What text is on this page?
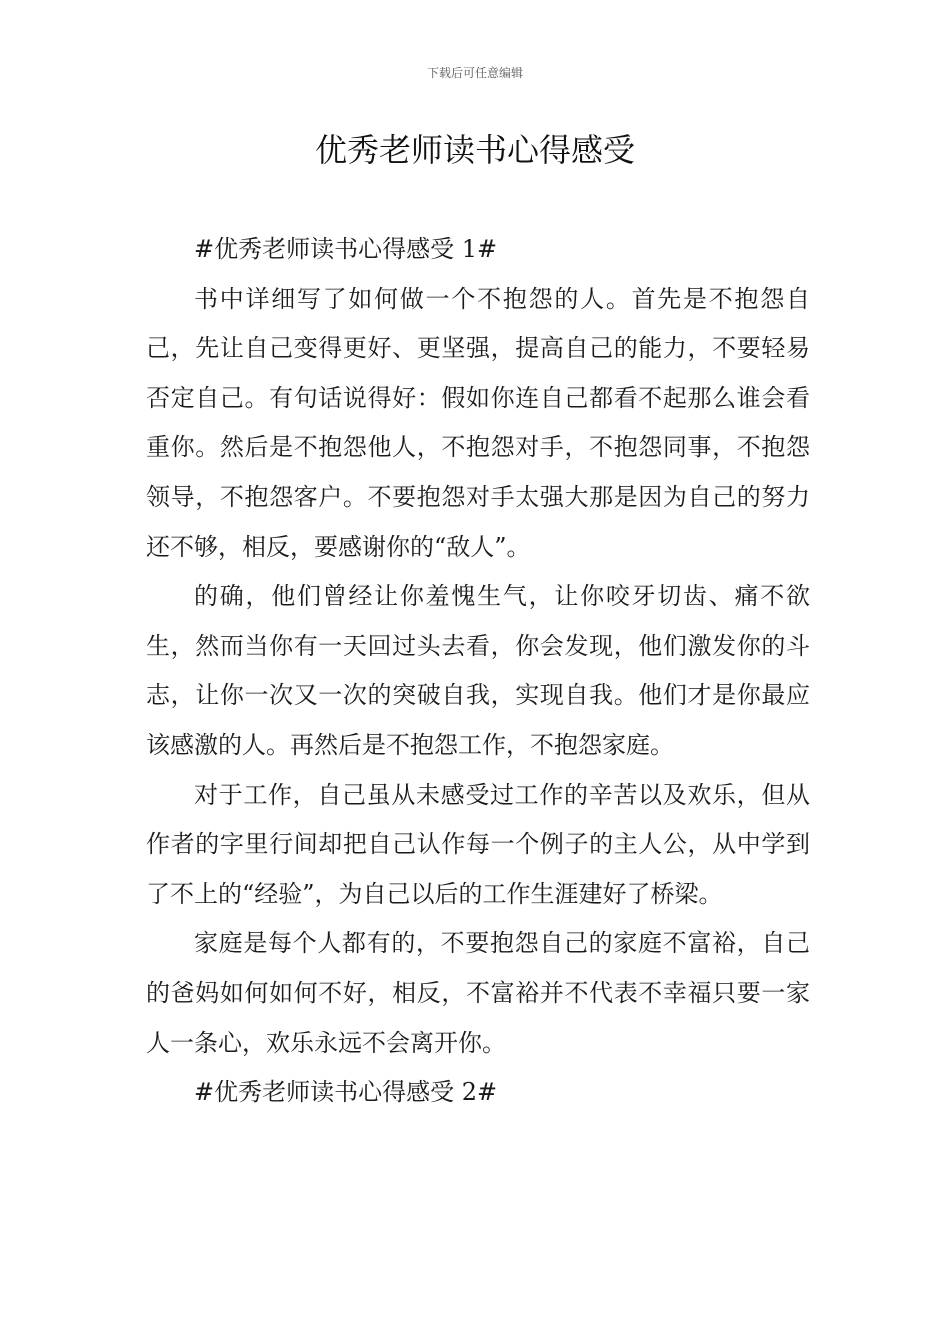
下载后可任意编辑
优秀老师读书心得感受

#优秀老师读书心得感受 1#

书中详细写了如何做一个不抱怨的人。首先是不抱怨自己，先让自己变得更好、更坚强，提高自己的能力，不要轻易否定自己。有句话说得好：假如你连自己都看不起那么谁会看重你。然后是不抱怨他人，不抱怨对手，不抱怨同事，不抱怨领导，不抱怨客户。不要抱怨对手太强大那是因为自己的努力还不够，相反，要感谢你的“敌人”。

的确，他们曾经让你羞愧生气，让你咬牙切齿、痛不欲生，然而当你有一天回过头去看，你会发现，他们激发你的斗志，让你一次又一次的突破自我，实现自我。他们才是你最应该感激的人。再然后是不抱怨工作，不抱怨家庭。

对于工作，自己虽从未感受过工作的辛苦以及欢乐，但从作者的字里行间却把自己认作每一个例子的主人公，从中学到了不上的“经验”，为自己以后的工作生涯建好了桥梁。

家庭是每个人都有的，不要抱怨自己的家庭不富裕，自己的爸妈如何如何不好，相反，不富裕并不代表不幸福只要一家人一条心，欢乐永远不会离开你。

#优秀老师读书心得感受 2#
